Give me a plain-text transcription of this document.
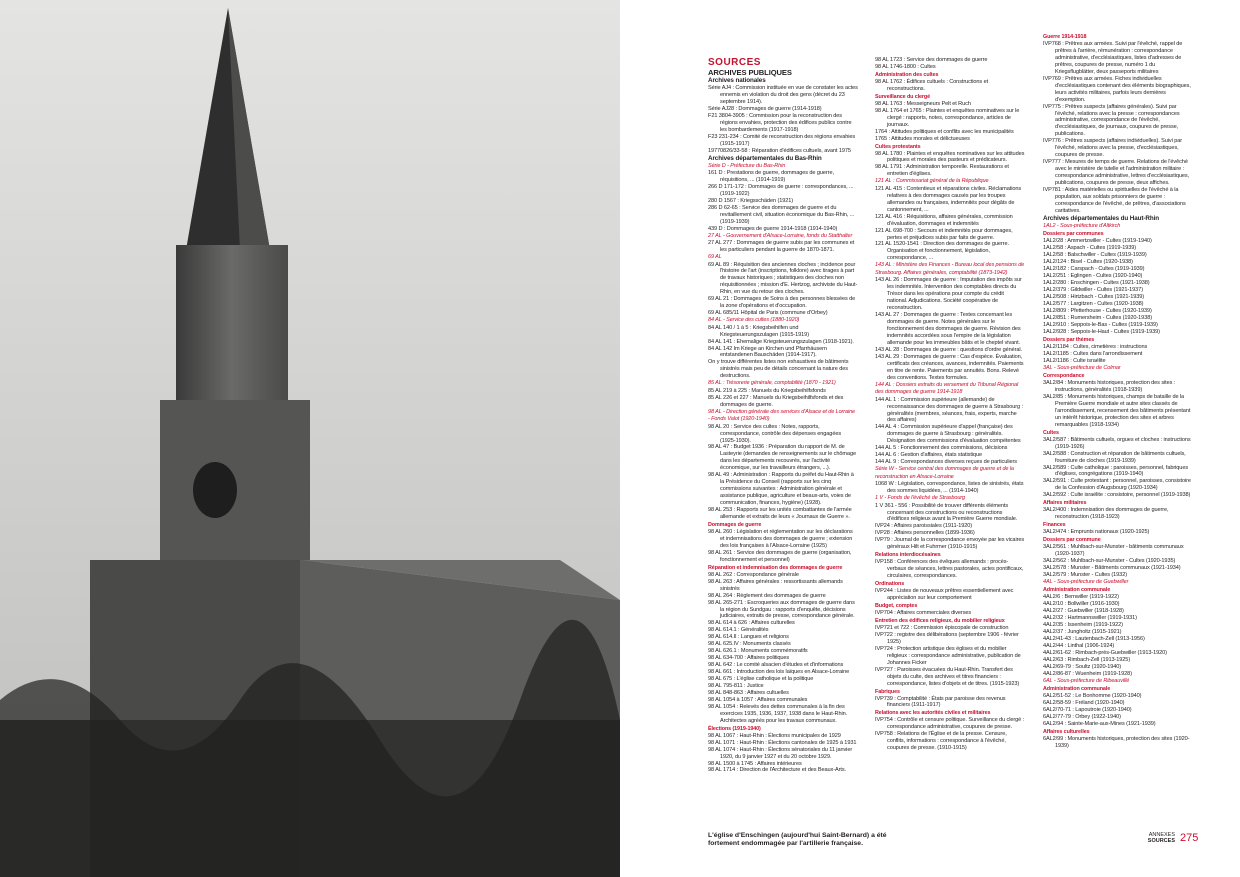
SOURCES
ARCHIVES PUBLIQUES
Archives nationales
Série AJ4 : Commission instituée en vue de constater les actes ennemis en violation du droit des gens (décret du 23 septembre 1914).
Série AJ28 : Dommages de guerre (1914-1918)
F21 3804-3905 : Commission pour la reconstruction des régions envahies, protection des édifices publics contre les bombardements (1917-1918)
F23 231-234 : Comité de reconstruction des régions envahies (1915-1917)
19770826/33-58 : Réparation d'édifices cultuels, avant 1975
Archives départementales du Bas-Rhin
Série D - Préfecture du Bas-Rhin
161 D : Prestations de guerre, dommages de guerre, réquisitions, ... (1914-1919)
266 D 171-172 : Dommages de guerre : correspondances, ... (1919-1922)
280 D 1567 : Kriegsschäden (1921)
286 D 62-65 : Service des dommages de guerre et du revitaillement civil, situation économique du Bas-Rhin, ... (1919-1939)
439 D : Dommages de guerre 1914-1918 (1914-1940)
27 AL - Gouvernement d'Alsace-Lorraine, fonds du Statthalter
27 AL 277 : Dommages de guerre subis par les communes et les particuliers pendant la guerre de 1870-1871.
69 AL
69 AL 89 : Réquisition des anciennes cloches ; incidence pour l'histoire de l'art (inscriptions, folklore) avec tirages à part de travaux historiques ; statistiques des cloches non réquisitionnées ; mission d'E. Hertzog, archiviste du Haut-Rhin, en vue du retour des cloches.
69 AL 21 : Dommages de Soins à des personnes blessées de la zone d'opérations et d'occupation.
69 AL 685/11 Hôpital de Paris (commune d'Orbey)
84 AL - Service des cultes (1880-1920)
84 AL 140 / 1 à 5 : Kriegsbeihilfen und Kriegsteuerungszulagen (1915-1919)
84 AL 141 : Ehemalige Kriegsteuerungszulagen (1918-1921).
84 AL 142 Im Kriege an Kirchen und Pfarrhäusern entstandenen Bauschäden (1914-1917).
On y trouve différentes listes non exhaustives de bâtiments sinistrés mais peu de détails concernant la nature des destructions.
85 AL : Trésorerie générale, comptabilité (1870 - 1921)
85 AL 219 à 225 : Manuels du Kriegsbeihilfsfonds
85 AL 226 et 227 : Manuels du Kriegsbeihilfsfonds et des dommages de guerre.
98 AL - Direction générale des services d'Alsace et de Lorraine - Fonds Valot (1920-1940)
98 AL 20 : Service des cultes : Notes, rapports, correspondance, contrôle des dépenses engagées (1925-1930).
98 AL 47 : Budget 1936 : Préparation du rapport de M. de Lasteyrie (demandes de renseignements sur le chômage dans les départements recouvrés, sur l'activité économique, sur les travailleurs étrangers, ...).
98 AL 49 : Administration : Rapports du préfet du Haut-Rhin à la Présidence du Conseil (rapports sur les cinq commissions suivantes : Administration générale et assistance publique, agriculture et beaux-arts, voies de communication, finances, hygiène) (1928).
98 AL 253 : Rapports sur les unités combattantes de l'armée allemande et extraits de leurs « Journaux de Guerre ».
Dommages de guerre
98 AL 260 : Législation et réglementation sur les déclarations et indemnisations des dommages de guerre ; extension des lois françaises à l'Alsace-Lorraine (1925)
98 AL 261 : Service des dommages de guerre (organisation, fonctionnement et personnel)
Réparation et indemnisation des dommages de guerre
98 AL 262 : Correspondance générale
98 AL 263 : Affaires générales : ressortissants allemands sinistrés
98 AL 264 : Règlement des dommages de guerre
98 AL 265-271 : Escroqueries aux dommages de guerre dans la région du Sundgau : rapports d'enquête, décisions judiciaires, extraits de presse, correspondance générale.
98 AL 614 à 626 : Affaires culturelles
98 AL 614.1 : Généralités
98 AL 614.II : Langues et religions
98 AL 625.IV : Monuments classés
98 AL 626.1 : Monuments commémoratifs
98 AL 634-700 : Affaires politiques
98 AL 642 : Le comité alsacien d'études et d'informations
98 AL 661 : Introduction des lois laïques en Alsace-Lorraine
98 AL 675 : L'église catholique et la politique
98 AL 795-811 : Justice
98 AL 848-863 : Affaires cultuelles
98 AL 1054 à 1057 : Affaires communales
98 AL 1054 : Relevés des dettes communales à la fin des exercices 1935, 1936, 1937, 1938 dans le Haut-Rhin. Architectes agréés pour les travaux communaux.
Élections (1919-1940)
98 AL 1067 : Haut-Rhin : Élections municipales de 1929
98 AL 1071 : Haut-Rhin : Élections cantonales de 1925 à 1931
98 AL 1074 : Haut-Rhin : Élections sénatoriales du 11 janvier 1920, du 9 janvier 1927 et du 20 octobre 1929.
98 AL 1500 à 1745 : Affaires intérieures
98 AL 1714 : Direction de l'Architecture et des Beaux-Arts.
98 AL 1723 : Service des dommages de guerre
98 AL 1746-1800 : Cultes
Administration des cultes
98 AL 1762 : Édifices cultuels : Constructions et reconstructions.
Surveillance du clergé
98 AL 1763 : Messeigneurs Pelt et Ruch
98 AL 1764 et 1765 : Plaintes et enquêtes nominatives sur le clergé : rapports, notes, correspondance, articles de journaux.
1764 : Attitudes politiques et conflits avec les municipalités
1765 : Attitudes morales et délictueuses
Cultes protestants
98 AL 1780 : Plaintes et enquêtes nominatives sur les attitudes politiques et morales des pasteurs et prédicateurs.
98 AL 1791 : Administration temporelle. Restaurations et entretien d'églises.
121 AL : Commissariat général de la République
121 AL 415 : Contentieux et réparations civiles. Réclamations relatives à des dommages causés par les troupes allemandes ou françaises, indemnités pour dégâts de cantonnement, ...
121 AL 416 : Réquisitions, affaires générales, commission d'évaluation, dommages et indemnités
121 AL 698-700 : Secours et indemnités pour dommages, pertes et préjudices subis par faits de guerre.
121 AL 1520-1541 : Direction des dommages de guerre. Organisation et fonctionnement, législation, correspondance, ...
143 AL : Ministère des Finances - Bureau local des pensions de Strasbourg. Affaires générales, comptabilité (1873-1942)
143 AL 26 : Dommages de guerre : Imputation des impôts sur les indemnités. Intervention des comptables directs du Trésor dans les opérations pour compte du crédit national. Adjudications. Société coopérative de reconstruction.
143 AL 27 : Dommages de guerre : Textes concernant les dommages de guerre. Notes générales sur le fonctionnement des dommages de guerre. Révision des indemnités accordées sous l'empire de la législation allemande pour les immeubles bâtis et le cheptel vivant.
143 AL 28 : Dommages de guerre : questions d'ordre général.
143 AL 29 : Dommages de guerre : Cas d'espèce. Évaluation, certificats des créances, avances, indemnités. Paiements en titre de rente. Paiements par annuités. Bons. Relevé des conventions. Textes formules.
144 AL : Dossiers extraits du versement du Tribunal Régional des dommages de guerre 1914-1918
144 AL 1 : Commission supérieure (allemande) de reconnaissance des dommages de guerre à Strasbourg : généralités (membres, séances, frais, experts, marche des affaires)
144 AL 4 : Commission supérieure d'appel (française) des dommages de guerre à Strasbourg : généralités. Désignation des commissions d'évaluation compétentes
144 AL 5 : Fonctionnement des commissions, décisions
144 AL 6 : Gestion d'affaires, états statistique
144 AL 9 : Correspondances diverses reçues de particuliers
Série W - Service central des dommages de guerre et de la reconstruction en Alsace-Lorraine
1068 W : Législation, correspondance, listes de sinistrés, états des sommes liquidées, ... (1914-1940)
1 V - Fonds de l'évêché de Strasbourg
1 V 361 - 556 : Possibilité de trouver différents éléments concernant des constructions ou reconstructions d'édifices religieux avant la Première Guerre mondiale.
IVP24 : Affaires paroissiales (1911-1920)
IVP28 : Affaires personnelles (1899-1936)
IVP79 : Journal de la correspondance envoyée par les vicaires généraux Hilt et Fuhrmer (1910-1915)
Relations interdiocésaines
IVP158 : Conférences des évêques allemands : procès-verbaux de séances, lettres pastorales, actes pontificaux, circulaires, correspondances.
Ordinations
IVP244 : Listes de nouveaux prêtres essentiellement avec appréciation sur leur comportement
Budget, comptes
IVP704 : Affaires commerciales diverses
Entretien des édifices religieux, du mobilier religieux
IVP721 et 722 : Commission épiscopale de construction
IVP722 : registre des délibérations (septembre 1906 - février 1925)
IVP724 : Protection artistique des églises et du mobilier religieux : correspondance administrative, publication de Johannes Ficker
IVP727 : Paroisses évacuées du Haut-Rhin. Transfert des objets du culte, des archives et titres financiers : correspondance, listes d'objets et de titres. (1915-1923)
Fabriques
IVP739 : Comptabilité : États par paroisse des revenus financiers (1911-1917)
Relations avec les autorités civiles et militaires
IVP754 : Contrôle et censure politique. Surveillance du clergé : correspondance administrative, coupures de presse.
IVP758 : Relations de l'Église et de la presse. Censure, conflits, informations : correspondance à l'évêché, coupures de presse. (1910-1915)
Guerre 1914-1918
IVP768 : Prêtres aux armées. Suivi par l'évêché, rappel de prêtres à l'arrière, rémunération : correspondance administrative, d'ecclésiastiques, listes d'adresses de prêtres, coupures de presse, numéro 1 du Kriegsflugblätter, deux passeports militaires
IVP769 : Prêtres aux armées. Fiches individuelles d'ecclésiastiques contenant des éléments biographiques, leurs activités militaires, parfois leurs dernières d'exemption.
IVP775 : Prêtres suspects (affaires générales). Suivi par l'évêché, relations avec la presse : correspondances administrative, correspondance de l'évêché, d'ecclésiastiques, de journaux, coupures de presse, publications.
IVP776 : Prêtres suspects (affaires individuelles). Suivi par l'évêché, relations avec la presse, d'ecclésiastiques, coupures de presse.
IVP777 : Mesures de temps de guerre. Relations de l'évêché avec le ministère de tutelle et l'administration militaire : correspondance administrative, lettres d'ecclésiastiques, publications, coupures de presse, deux affiches.
IVP781 : Aides matérielles ou spirituelles de l'évêché à la population, aux soldats prisonniers de guerre : correspondance de l'évêché, de prêtres, d'associations caritatives.
Archives départementales du Haut-Rhin
1AL2 - Sous-préfecture d'Altkirch
Dossiers par communes
1AL2/28 : Ammertzwiller - Cultes (1919-1940)
1AL2/58 : Aspach - Cultes (1919-1939)
1AL2/58 : Balschwiller - Cultes (1919-1939)
1AL2/124 : Bisel - Cultes (1920-1938)
1AL2/182 : Carspach - Cultes (1919-1939)
1AL2/251 : Eglingen - Cultes (1920-1940)
1AL2/280 : Enschingen - Cultes (1921-1938)
1AL2/379 : Gildwiller - Cultes (1921-1937)
1AL2/508 : Hirtzbach - Cultes (1921-1939)
1AL2/577 : Largitzen - Cultes (1920-1938)
1AL2/809 : Pfetterhouse - Cultes (1920-1939)
1AL2/851 : Rumersheim - Cultes (1920-1938)
1AL2/910 : Seppois-le-Bas - Cultes (1919-1939)
1AL2/928 : Seppois-le-Haut - Cultes (1919-1939)
Dossiers par thèmes
1AL2/1184 : Cultes, cimetières : instructions
1AL2/1185 : Cultes dans l'arrondissement
1AL2/1186 : Culte israélite
3AL - Sous-préfecture de Colmar
Correspondance
3AL2/84 : Monuments historiques, protection des sites : instructions, généralités (1918-1939)
3AL2/85 : Monuments historiques, champs de bataille de la Première Guerre mondiale et autre sites classés de l'arrondissement, recensement des bâtiments présentant un intérêt historique, protection des sites et arbres remarquables (1918-1934)
Cultes
3AL2/587 : Bâtiments cultuels, orgues et cloches : instructions (1919-1926)
3AL2/588 : Construction et réparation de bâtiments cultuels, fourniture de cloches (1919-1939)
3AL2/589 : Culte catholique : paroisses, personnel, fabriques d'églises, congrégations (1919-1940)
3AL2/591 : Culte protestant : personnel, paroisses, consistoire de la Confession d'Augsbourg (1920-1934)
3AL2/592 : Culte israélite : consistoire, personnel (1919-1938)
Affaires militaires
3AL2/400 : Indemnisation des dommages de guerre, reconstruction (1918-1923)
Finances
3AL2/474 : Emprunts nationaux (1920-1925)
Dossiers par commune
3AL2/561 : Muhlbach-sur-Munster - bâtiments communaux (1920-1937)
3AL2/562 : Muhlbach-sur-Munster - Cultes (1920-1935)
3AL2/578 : Munster - Bâtiments communaux (1921-1934)
3AL2/579 : Munster - Cultes (1932)
4AL - Sous-préfecture de Guebwiller
Administration communale
4AL2/6 : Bernwiller (1919-1922)
4AL2/10 : Bollwiller (1916-1930)
4AL2/27 : Guebwiller (1918-1928)
4AL2/32 : Hartmannswiller (1919-1931)
4AL2/35 : Issenheim (1919-1922)
4AL2/37 : Jungholtz (1915-1921)
4AL2/41-43 : Lautenbach-Zell (1913-1956)
4AL2/44 : Linthal (1906-1924)
4AL2/61-62 : Rimbach-près-Guebwiller (1913-1920)
4AL2/63 : Rimbach-Zell (1913-1925)
4AL2/69-79 : Soultz (1920-1940)
4AL2/86-87 : Wuenheim (1919-1928)
6AL - Sous-préfecture de Ribeauvillé
Administration communale
6AL2/51-52 : Le Bonhomme (1920-1940)
6AL2/58-59 : Fréland (1920-1940)
6AL2/70-71 : Lapoutroie (1920-1940)
6AL2/77-79 : Orbey (1922-1940)
6AL2/94 : Sainte-Marie-aux-Mines (1921-1939)
Affaires culturelles
6AL2/99 : Monuments historiques, protection des sites (1920-1939)
L'église d'Enschingen (aujourd'hui Saint-Bernard) a été fortement endommagée par l'artillerie française.
ANNEXES
SOURCES 275
